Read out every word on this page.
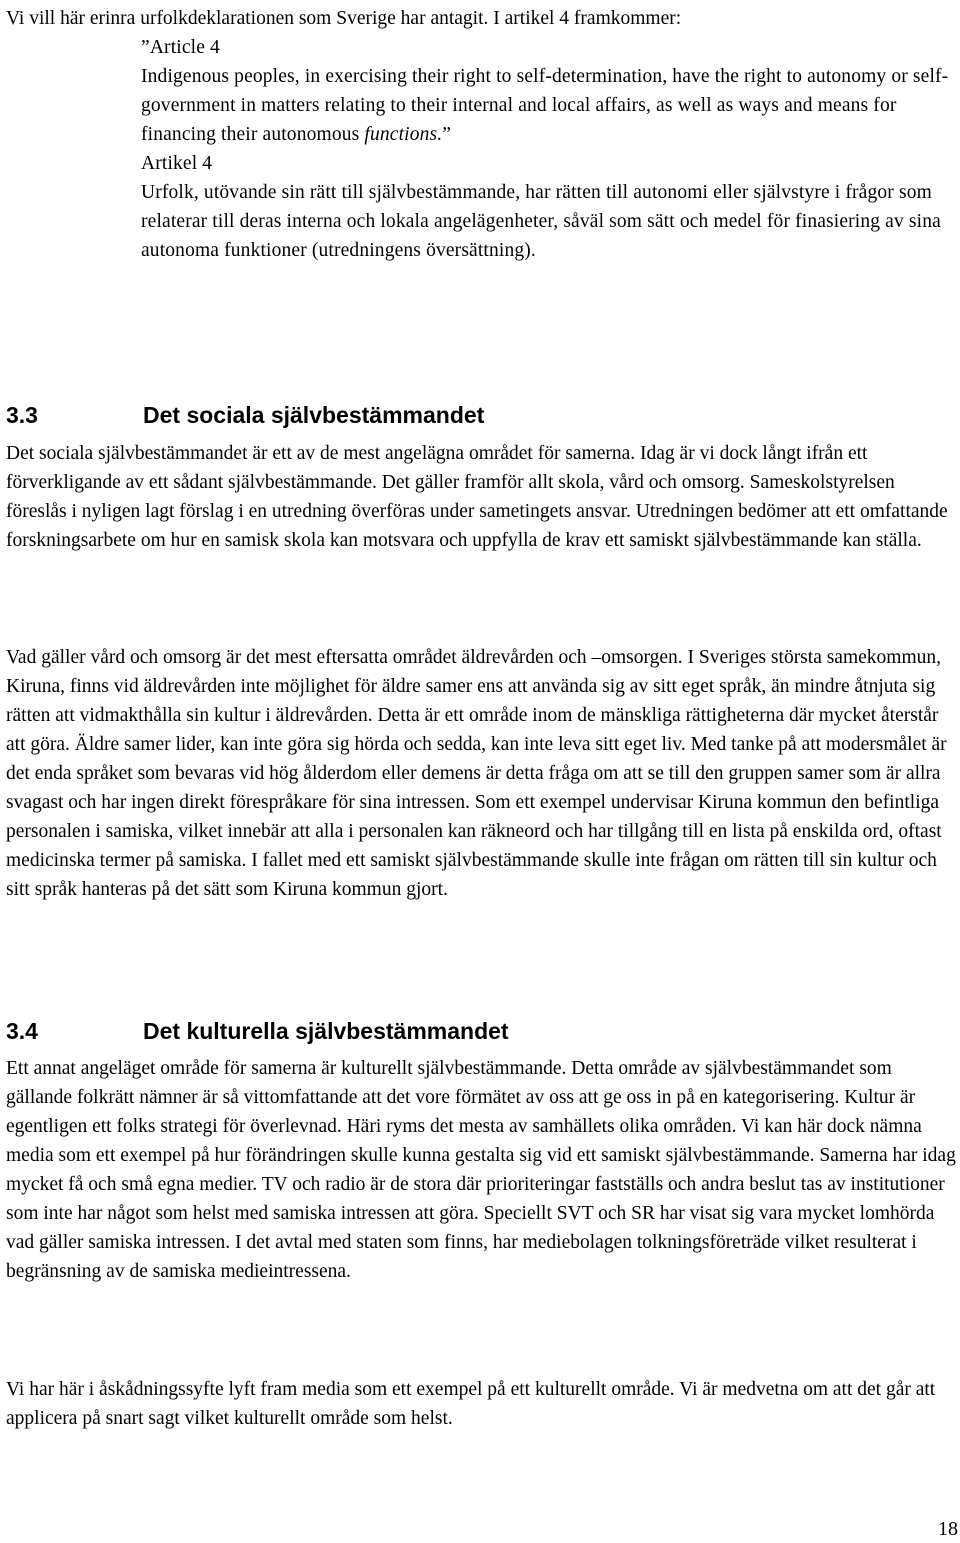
Vi vill här erinra urfolkdeklarationen som Sverige har antagit. I artikel 4 framkommer:

”Article 4

Indigenous peoples, in exercising their right to self-determination, have the right to autonomy or self-government in matters relating to their internal and local affairs, as well as ways and means for financing their autonomous functions.”

Artikel 4

Urfolk, utövande sin rätt till självbestämmande, har rätten till autonomi eller självstyre i frågor som relaterar till deras interna och lokala angelägenheter, såväl som sätt och medel för finasiering av sina autonoma funktioner (utredningens översättning).

3.3	Det sociala självbestämmandet

Det sociala självbestämmandet är ett av de mest angelägna området för samerna. Idag är vi dock långt ifrån ett förverkligande av ett sådant självbestämmande. Det gäller framför allt skola, vård och omsorg. Sameskolstyrelsen föreslås i nyligen lagt förslag i en utredning överföras under sametingets ansvar. Utredningen bedömer att ett omfattande forskningsarbete om hur en samisk skola kan motsvara och uppfylla de krav ett samiskt självbestämmande kan ställa.

Vad gäller vård och omsorg är det mest eftersatta området äldrevården och –omsorgen. I Sveriges största samekommun, Kiruna, finns vid äldrevården inte möjlighet för äldre samer ens att använda sig av sitt eget språk, än mindre åtnjuta sig rätten att vidmakthålla sin kultur i äldrevården. Detta är ett område inom de mänskliga rättigheterna där mycket återstår att göra. Äldre samer lider, kan inte göra sig hörda och sedda, kan inte leva sitt eget liv. Med tanke på att modersmålet är det enda språket som bevaras vid hög ålderdom eller demens är detta fråga om att se till den gruppen samer som är allra svagast och har ingen direkt förespråkare för sina intressen. Som ett exempel undervisar Kiruna kommun den befintliga personalen i samiska, vilket innebär att alla i personalen kan räkneord och har tillgång till en lista på enskilda ord, oftast medicinska termer på samiska. I fallet med ett samiskt självbestämmande skulle inte frågan om rätten till sin kultur och sitt språk hanteras på det sätt som Kiruna kommun gjort.

3.4	Det kulturella självbestämmandet

Ett annat angeläget område för samerna är kulturellt självbestämmande. Detta område av självbestämmandet som gällande folkrätt nämner är så vittomfattande att det vore förmätet av oss att ge oss in på en kategorisering. Kultur är egentligen ett folks strategi för överlevnad. Häri ryms det mesta av samhällets olika områden. Vi kan här dock nämna media som ett exempel på hur förändringen skulle kunna gestalta sig vid ett samiskt självbestämmande. Samerna har idag mycket få och små egna medier. TV och radio är de stora där prioriteringar fastställs och andra beslut tas av institutioner som inte har något som helst med samiska intressen att göra. Speciellt SVT och SR har visat sig vara mycket lomhörda vad gäller samiska intressen. I det avtal med staten som finns, har mediebolagen tolkningsföreträde vilket resulterat i begränsning av de samiska medieintressena.

Vi har här i åskådningssyfte lyft fram media som ett exempel på ett kulturellt område. Vi är medvetna om att det går att applicera på snart sagt vilket kulturellt område som helst.

18
